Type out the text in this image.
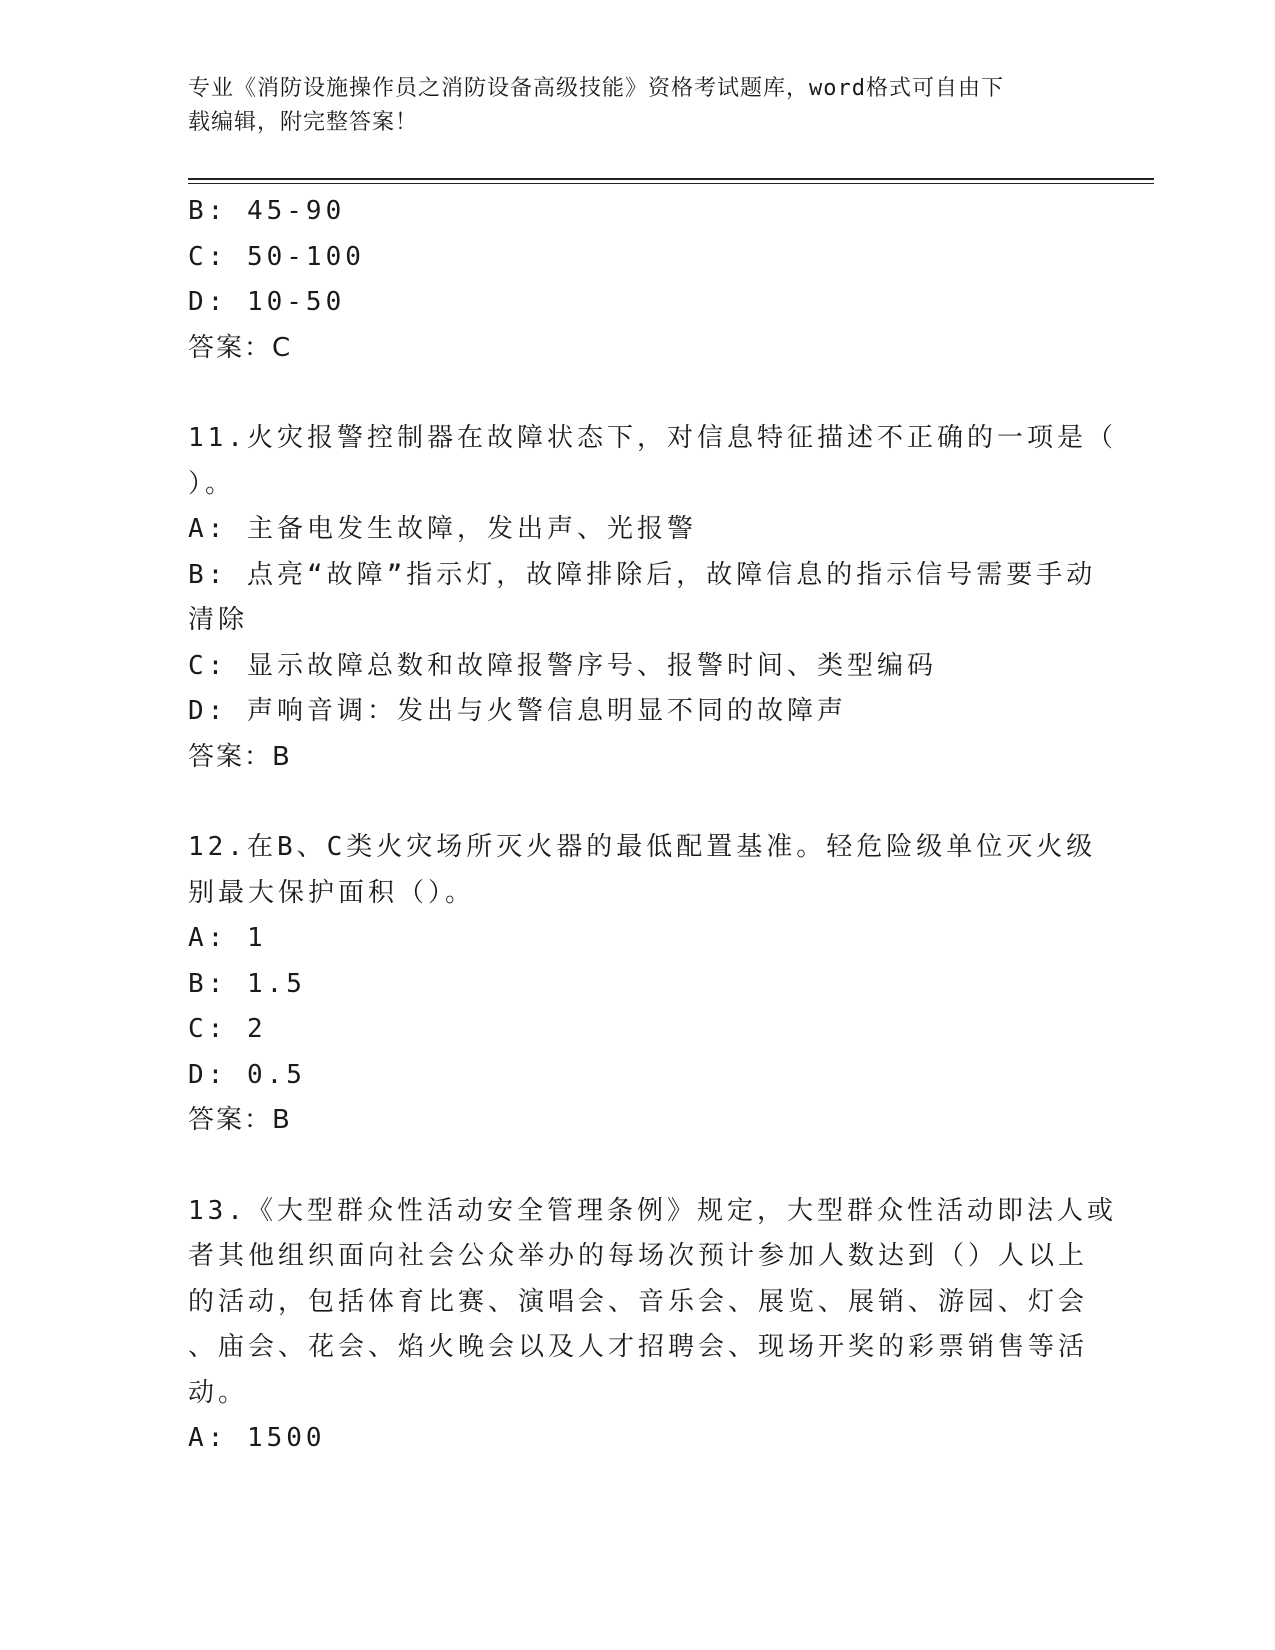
专业《消防设施操作员之消防设备高级技能》资格考试题库，word格式可自由下
载编辑，附完整答案！
B: 45-90
C: 50-100
D: 10-50
答案：C
11.火灾报警控制器在故障状态下，对信息特征描述不正确的一项是（
）。
A: 主备电发生故障，发出声、光报警
B: 点亮“故障”指示灯，故障排除后，故障信息的指示信号需要手动
清除
C: 显示故障总数和故障报警序号、报警时间、类型编码
D: 声响音调：发出与火警信息明显不同的故障声
答案：B
12.在B、C类火灾场所灭火器的最低配置基准。轻危险级单位灭火级
别最大保护面积（）。
A: 1
B: 1.5
C: 2
D: 0.5
答案：B
13.《大型群众性活动安全管理条例》规定，大型群众性活动即法人或
者其他组织面向社会公众举办的每场次预计参加人数达到（）人以上
的活动，包括体育比赛、演唱会、音乐会、展览、展销、游园、灯会
、庙会、花会、焰火晚会以及人才招聘会、现场开奖的彩票销售等活
动。
A: 1500
